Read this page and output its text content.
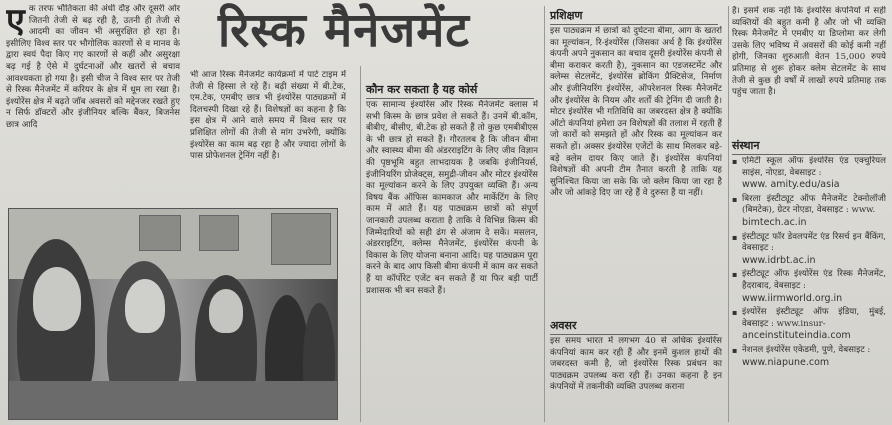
ए क तरफ भौतिकता की अंधी दौड़ और दूसरी ओर जितनी तेजी से बढ़ रही है, उतनी ही तेजी से आदमी का जीवन भी असुरक्षित हो रहा है। इसीलिए विश्व स्तर पर भौगोलिक कारणों से व मानव के द्वारा स्वयं पैदा किए गए कारणों से कहीं और असुरक्षा बढ़ गई है ऐसे में दुर्घटनाओं और खतरों से बचाव आवश्यकता हो गया है। इसी चीज ने विश्व स्तर पर तेजी से रिस्क मैनेजमेंट में करियर के क्षेत्र में धूम ला रखा है। इंश्योरेंस क्षेत्र में बढ़ते जॉब अवसरों को मद्देनजर रखते हुए न सिर्फ डॉक्टरों और इंजीनियर बल्कि बैंकर, बिजनेस छात्र आदि
रिस्क मैनेजमेंट
भी आज रिस्क मैनेजमेंट कार्यक्रमों में पार्ट टाइम में तेजी से हिस्सा ले रहे हैं। बढ़ी संख्या में बी.टेक, एम.टेक, एमबीए छात्र भी इंश्योरेंस पाठ्यक्रमों में दिलचस्पी दिखा रहे हैं। विशेषज्ञों का कहना है कि इस क्षेत्र में आने वाले समय में विश्व स्तर पर प्रशिक्षित लोगों की तेजी से मांग उभरेगी, क्योंकि इंश्योरेंस का काम बढ़ रहा है और ज्यादा लोगों के पास प्रोफेशनल ट्रेनिंग नहीं है।
कौन कर सकता है यह कोर्स
एक सामान्य इंश्योरेंस और रिस्क मैनेजमेंट क्लास में सभी किस्म के छात्र प्रवेश ले सकते हैं। उनमें बी.कॉम, बीबीए, बीसीए, बी.टेक हो सकते हैं तो कुछ एमबीबीएस के भी छात्र हो सकते हैं। गौरतलब है कि जीवन बीमा और स्वास्थ्य बीमा की अंडरराइटिंग के लिए जीव विज्ञान की पृष्ठभूमि बहुत लाभदायक है जबकि इंजीनियर्स, इंजीनियरिंग प्रोजेक्ट्स, समुद्री-जीवन और मोटर इंश्योरेंस का मूल्यांकन करने के लिए उपयुक्त व्यक्ति हैं। अन्य विषय बैंक ऑफिस कामकाज और मार्केटिंग के लिए काम में आते हैं। यह पाठ्यक्रम छात्रों को संपूर्ण जानकारी उपलब्ध कराता है ताकि वे विभिन्न किस्म की जिम्मेदारियों को सही ढंग से अंजाम दे सकें। मसलन, अंडरराइटिंग, क्लेम्स मैनेजमेंट, इंश्योरेंस कंपनी के विकास के लिए योजना बनाना आदि। यह पाठ्यक्रम पूरा करने के बाद आप किसी बीमा कंपनी में काम कर सकते हैं या कॉर्पोरेट एजेंट बन सकते हैं या फिर बड़ी पार्टी प्रशासक भी बन सकते हैं।
प्रशिक्षण
इस पाठ्यक्रम में छात्रों को दुर्घटना बीमा, आग के खतरों का मूल्यांकन, रि-इंश्योरेंस (जिसका अर्थ है कि इंश्योरेंस कंपनी अपने नुकसान का बचाव दूसरी इंश्योरेंस कंपनी से बीमा कराकर करती है), नुकसान का एडजस्टमेंट और क्लेम्स सेटलमेंट, इंश्योरेंस ब्रोकिंग प्रैक्टिसेज, निर्माण और इंजीनियरिंग इंश्योरेंस, ऑपरेशनल रिस्क मैनेजमेंट और इंश्योरेंस के नियम और शर्तों की ट्रेनिंग दी जाती है। मोटर इंश्योरेंस भी गतिविधि का जबरदस्त क्षेत्र है क्योंकि ऑटो कंपनियां हमेशा उन विशेषज्ञों की तलाश में रहती हैं जो कारों को समझते हों और रिस्क का मूल्यांकन कर सकते हों। अक्सर इंश्योरेंस एजेंटों के साथ मिलकर बड़े-बड़े क्लेम दायर किए जाते हैं। इंश्योरेंस कंपनियां विशेषज्ञों की अपनी टीम तैनात करती है ताकि यह सुनिश्चित किया जा सके कि जो क्लेम किया जा रहा है और जो आंकड़े दिए जा रहे हैं वे दुरुस्त हैं या नहीं।
अवसर
इस समय भारत में लगभग 40 से अधिक इंश्योरेंस कंपनियां काम कर रही हैं और इनमें कुशल हाथों की जबरदस्त कमी है, जो इंश्योरेंस रिस्क प्रबंधन का पाठ्यक्रम उपलब्ध करा रही हैं। उनका कहना है इन कंपनियों में तकनीकी व्यक्ति उपलब्ध कराना
है। इसमें शक नहीं कि इंश्योरेंस कंपनियों में सही व्यक्तियों की बहुत कमी है और जो भी व्यक्ति रिस्क मैनेजमेंट में एमबीए या डिप्लोमा कर लेगी उसके लिए भविष्य में अवसरों की कोई कमी नहीं होगी, जिनका शुरुआती वेतन 15,000 रुपये प्रतिमाह से शुरू होकर क्लेम सेटलमेंट के साथ तेजी से कुछ ही वर्षों में लाखों रुपये प्रतिमाह तक पहुंच जाता है।
संस्थान
▪ एमिटी स्कूल ऑफ इंश्योरेंस एंड एक्चुरियल साइंस, नोएडा, वेबसाइट :
www. amity.edu/asia
▪ बिरला इंस्टीट्यूट ऑफ मैनेजमेंट टेक्नोलॉजी (बिमटेक), ग्रेटर नोएडा, वेबसाइट : www.
bimtech.ac.in
▪ इंस्टीट्यूट फॉर डेवलपमेंट एंड रिसर्च इन बैंकिंग, वेबसाइट :
www.idrbt.ac.in
▪ इंस्टीट्यूट ऑफ इंश्योरेंस एंड रिस्क मैनेजमेंट, हैदराबाद, वेबसाइट :
www.iirmworld.org.in
▪ इंश्योरेंस इंस्टीट्यूट ऑफ इंडिया, मुंबई, वेबसाइट : www.insur-
anceinstituteindia.com
▪ नेशनल इंश्योरेंस एकेडमी, पुणे, वेबसाइट :
www.niapune.com
